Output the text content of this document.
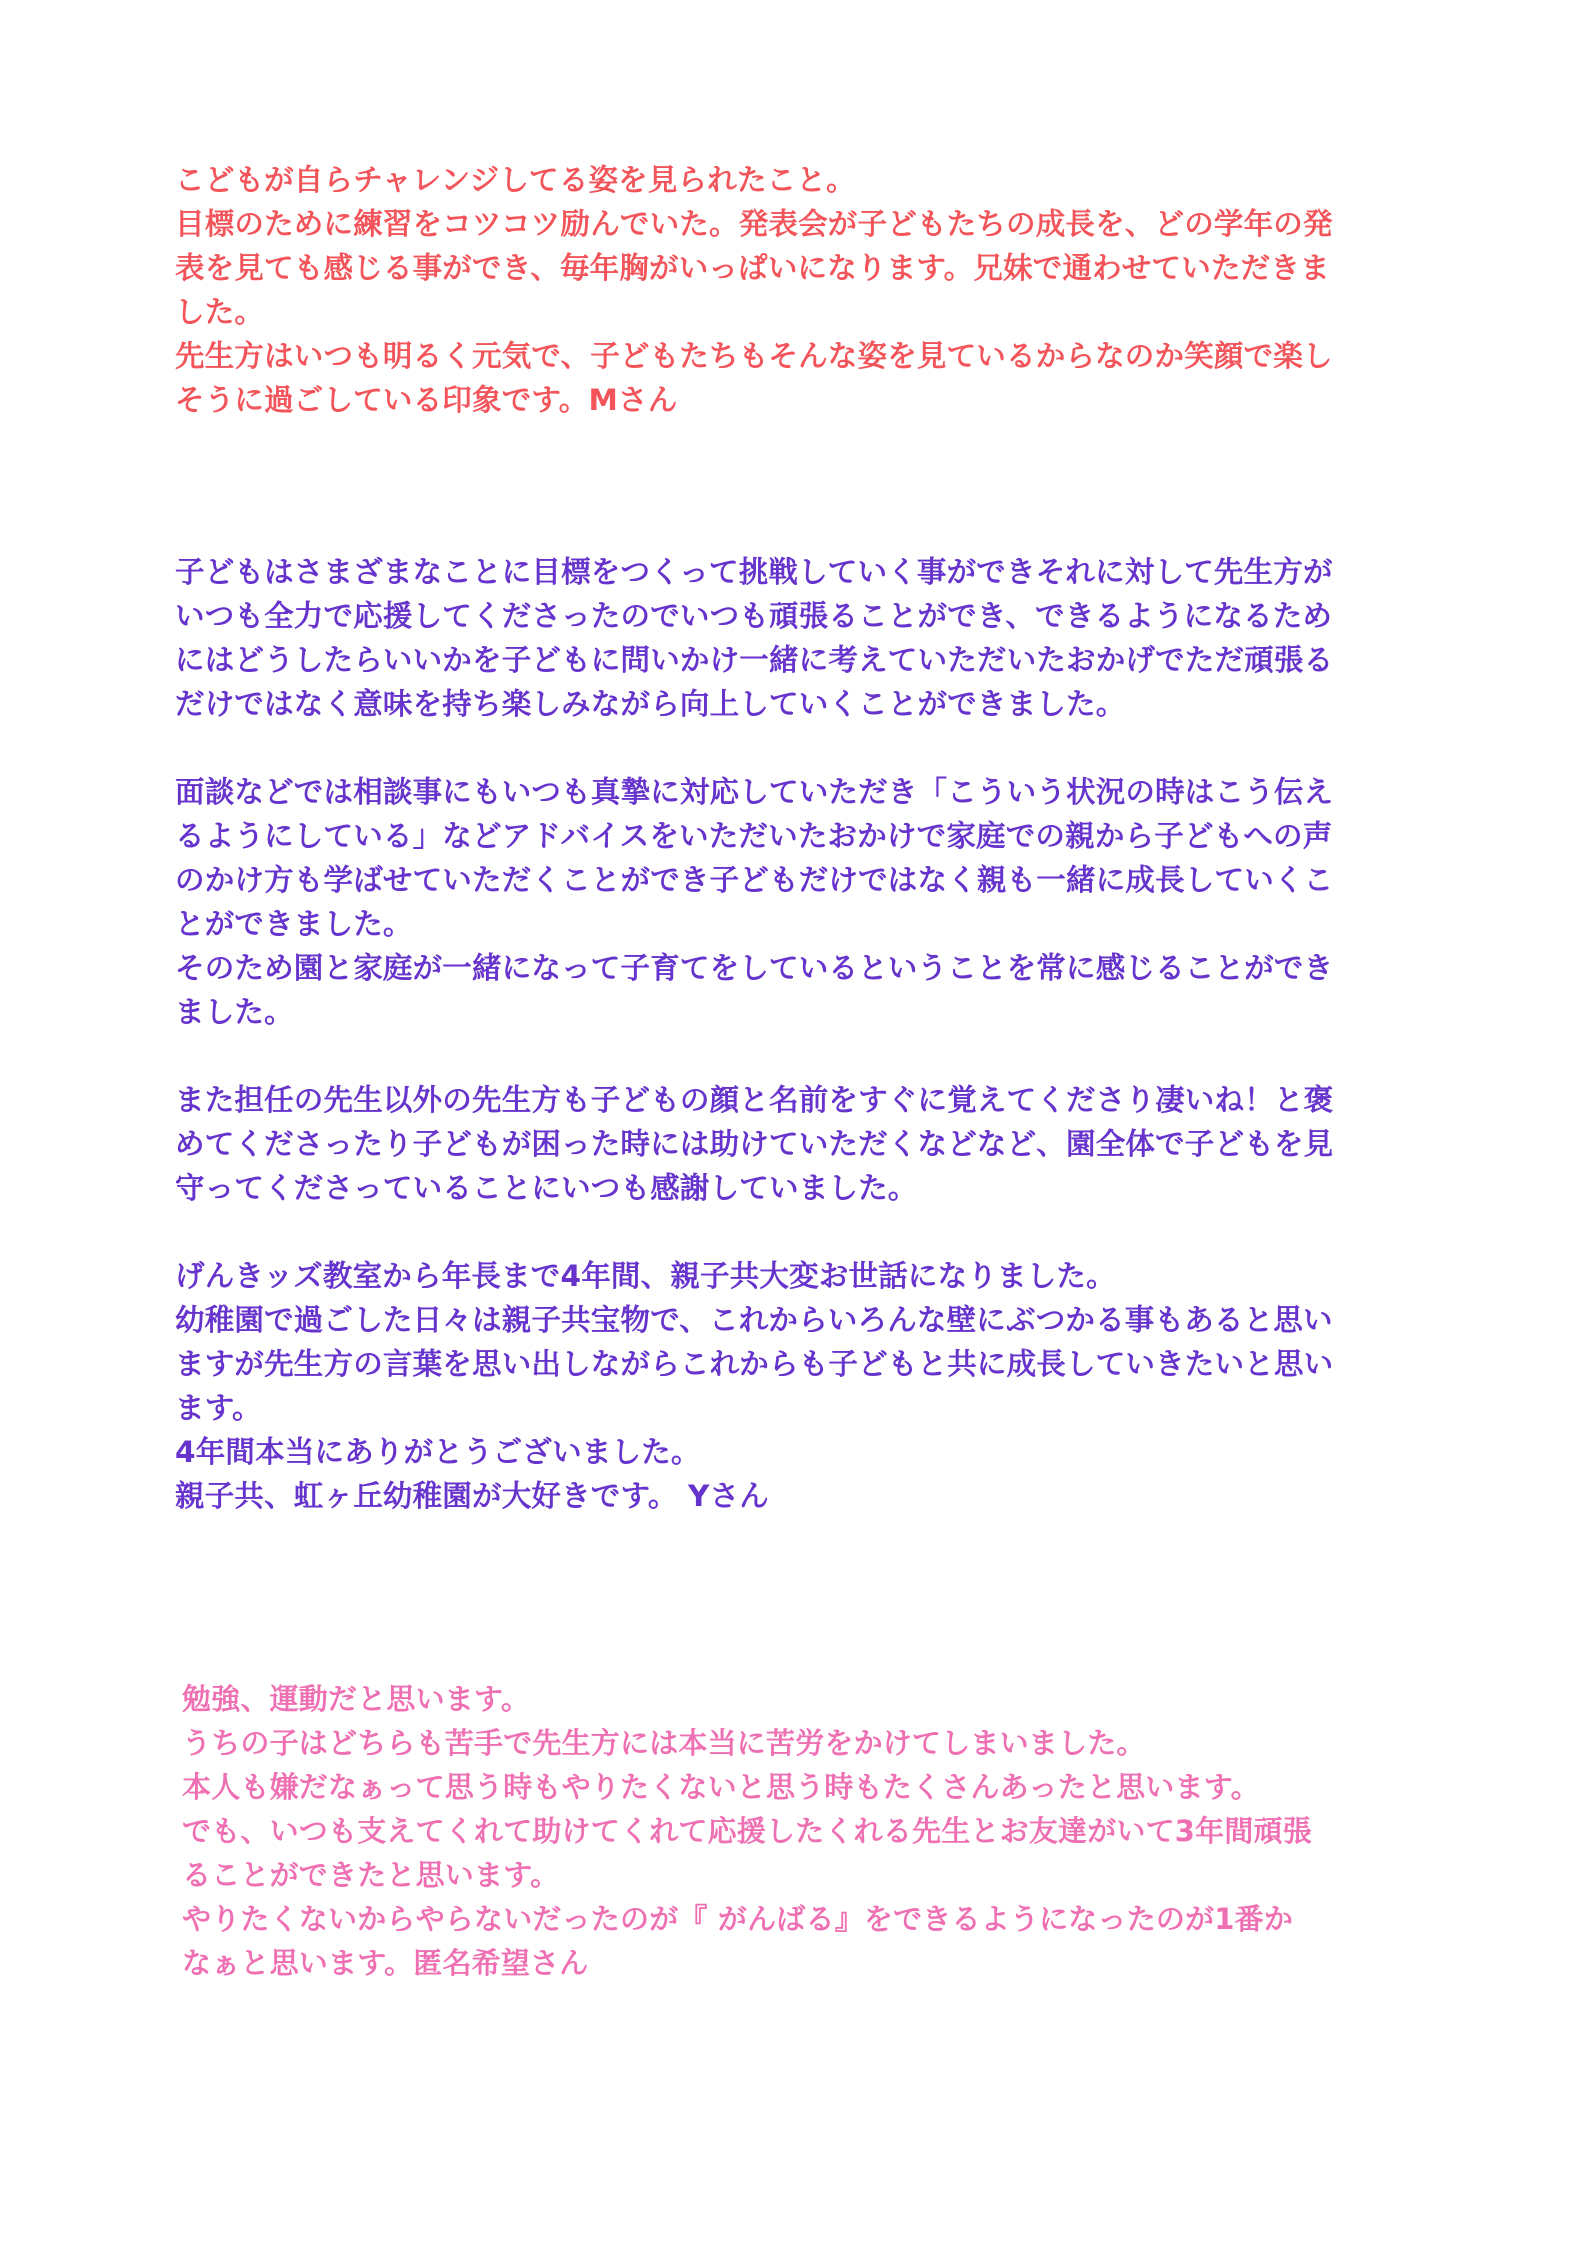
こどもが自らチャレンジしてる姿を見られたこと。
目標のために練習をコツコツ励んでいた。発表会が子どもたちの成長を、どの学年の発
表を見ても感じる事ができ、毎年胸がいっぱいになります。兄妹で通わせていただきま
した。
先生方はいつも明るく元気で、子どもたちもそんな姿を見ているからなのか笑顔で楽し
そうに過ごしている印象です。Mさん
子どもはさまざまなことに目標をつくって挑戦していく事ができそれに対して先生方が
いつも全力で応援してくださったのでいつも頑張ることができ、できるようになるため
にはどうしたらいいかを子どもに問いかけ一緒に考えていただいたおかげでただ頑張る
だけではなく意味を持ち楽しみながら向上していくことができました。
面談などでは相談事にもいつも真摯に対応していただき「こういう状況の時はこう伝え
るようにしている」などアドバイスをいただいたおかけで家庭での親から子どもへの声
のかけ方も学ばせていただくことができ子どもだけではなく親も一緒に成長していくこ
とができました。
そのため園と家庭が一緒になって子育てをしているということを常に感じることができ
ました。
また担任の先生以外の先生方も子どもの顔と名前をすぐに覚えてくださり凄いね！と褒
めてくださったり子どもが困った時には助けていただくなどなど、園全体で子どもを見
守ってくださっていることにいつも感謝していました。
げんきッズ教室から年長まで4年間、親子共大変お世話になりました。
幼稚園で過ごした日々は親子共宝物で、これからいろんな壁にぶつかる事もあると思い
ますが先生方の言葉を思い出しながらこれからも子どもと共に成長していきたいと思い
ます。
4年間本当にありがとうございました。
親子共、虹ヶ丘幼稚園が大好きです。 Yさん
勉強、運動だと思います。
うちの子はどちらも苦手で先生方には本当に苦労をかけてしまいました。
本人も嫌だなぁって思う時もやりたくないと思う時もたくさんあったと思います。
でも、いつも支えてくれて助けてくれて応援したくれる先生とお友達がいて3年間頑張
ることができたと思います。
やりたくないからやらないだったのが『 がんばる』をできるようになったのが1番か
なぁと思います。匿名希望さん
